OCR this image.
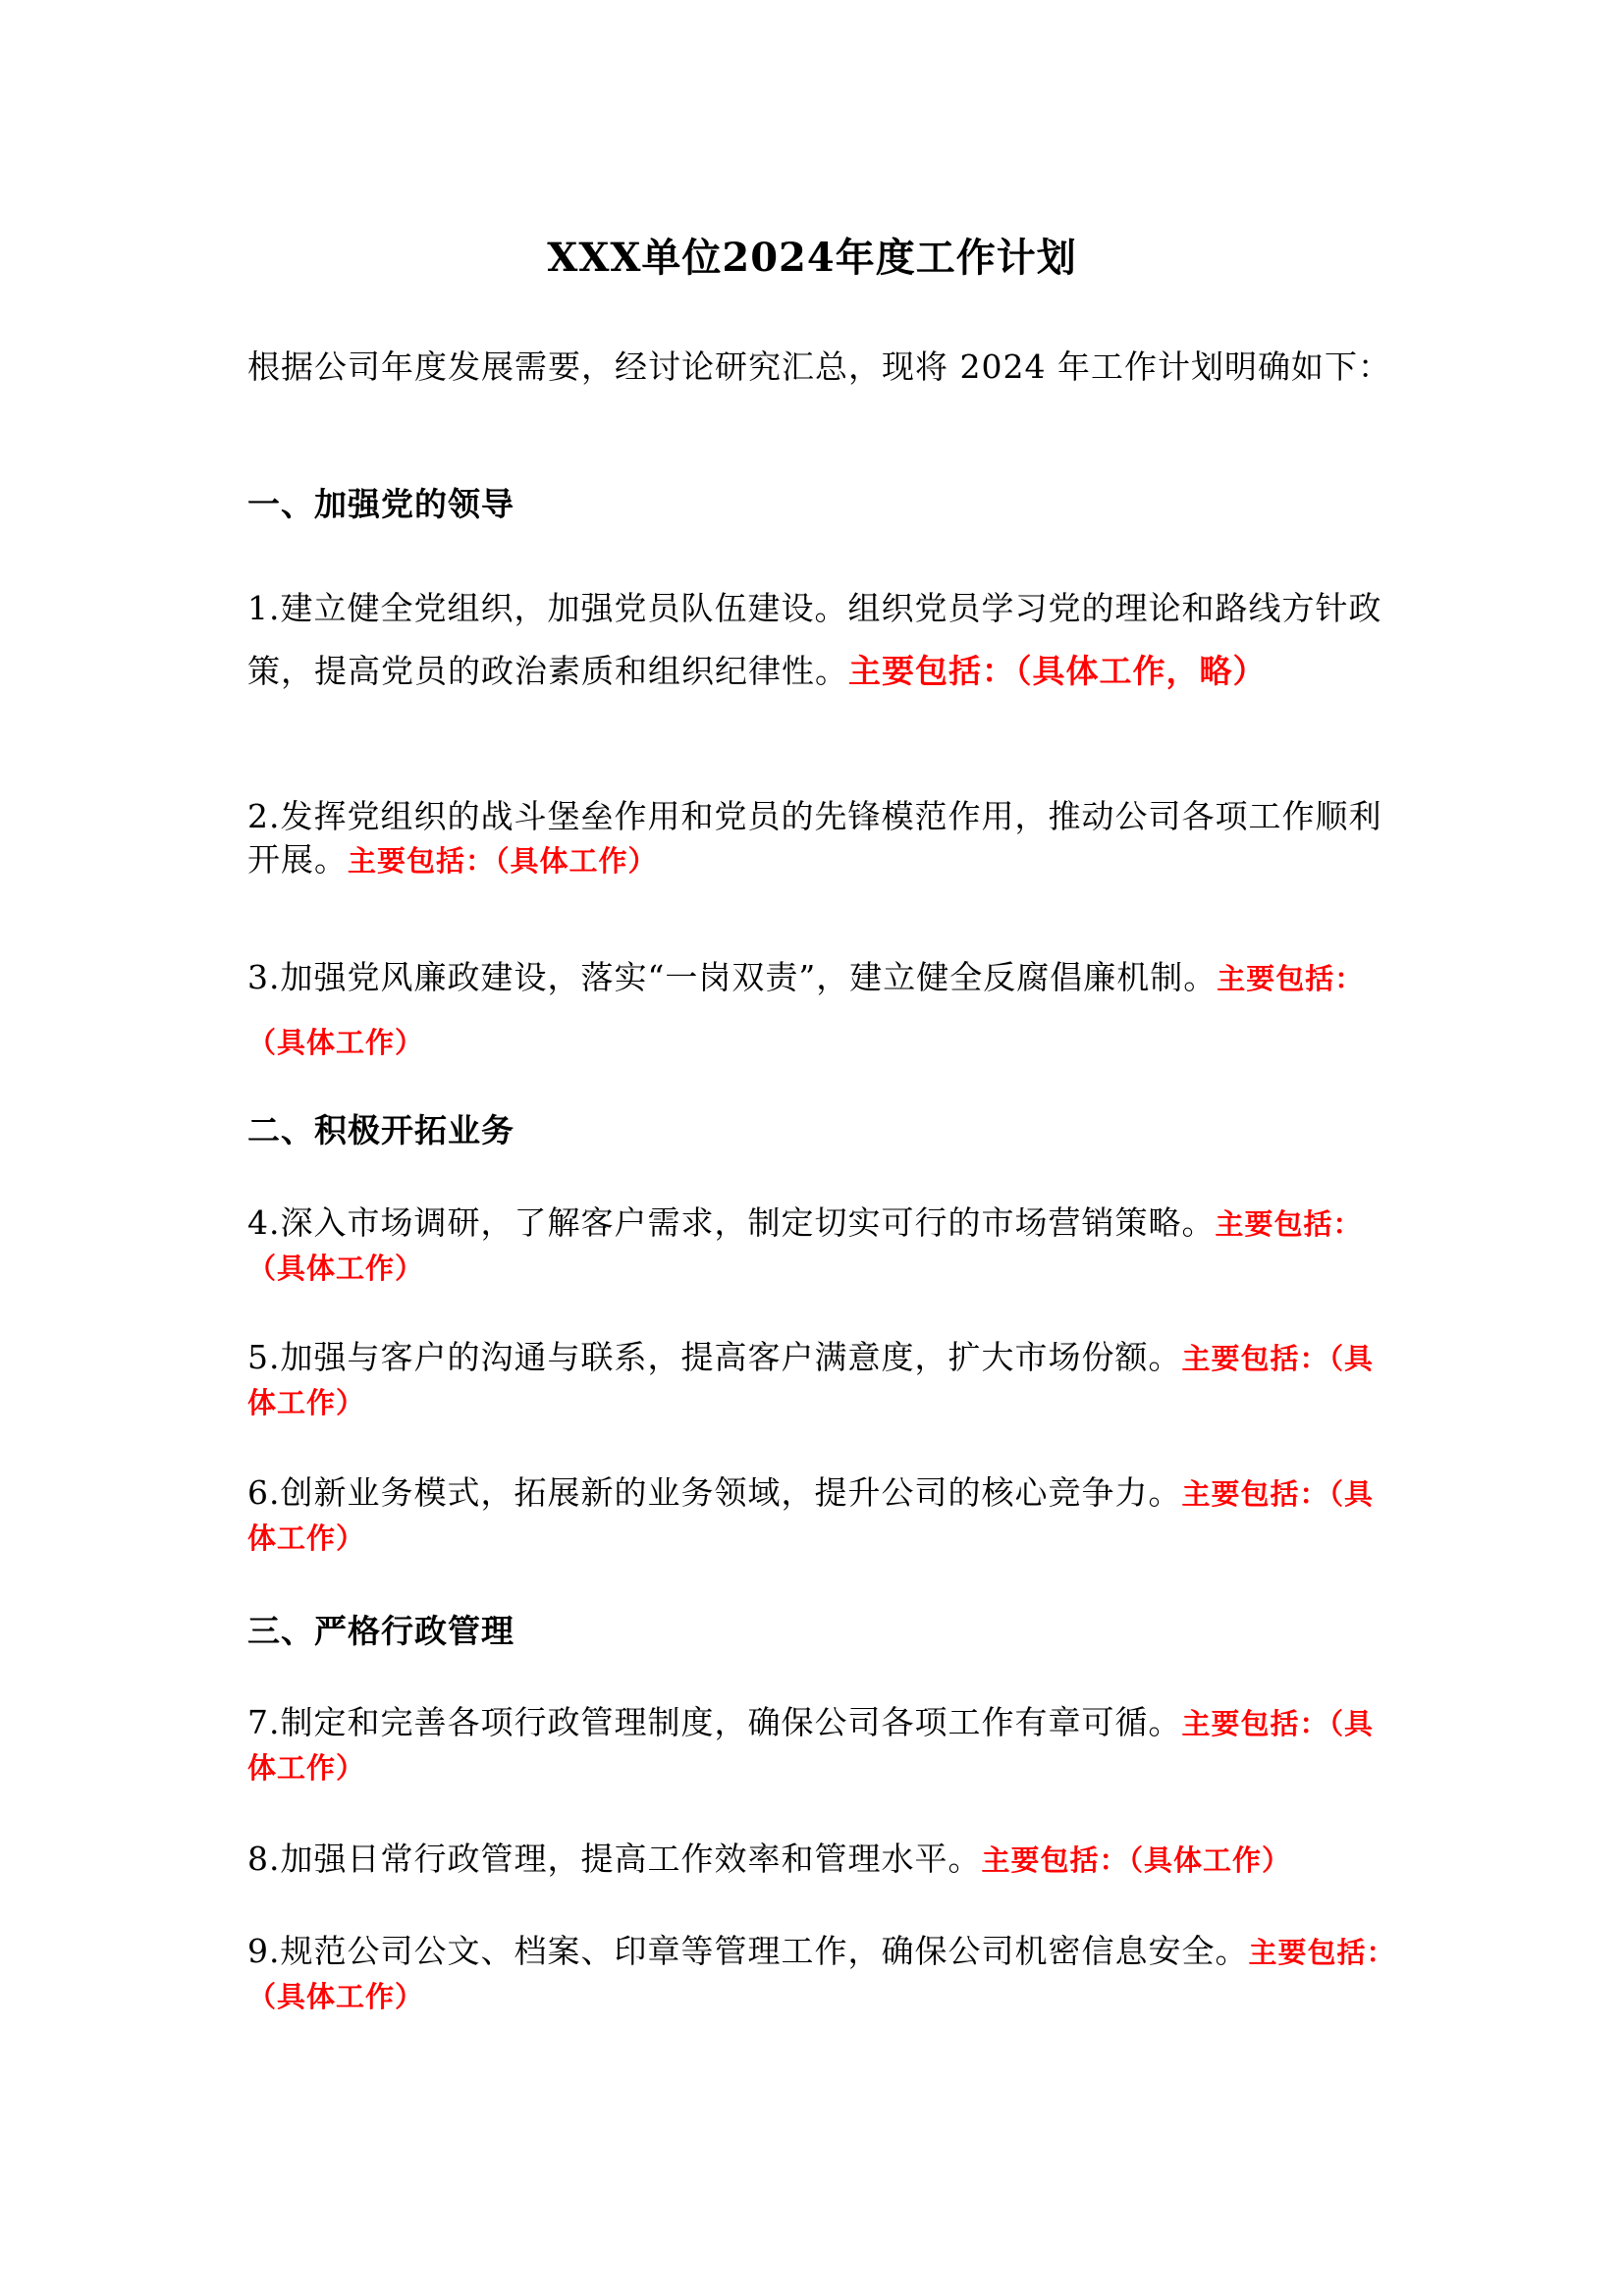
XXX单位2024年度工作计划
根据公司年度发展需要，经讨论研究汇总，现将 2024 年工作计划明确如下：
一、加强党的领导
1.建立健全党组织，加强党员队伍建设。组织党员学习党的理论和路线方针政策，提高党员的政治素质和组织纪律性。主要包括：（具体工作，略）
2.发挥党组织的战斗堡垒作用和党员的先锋模范作用，推动公司各项工作顺利开展。主要包括：（具体工作）
3.加强党风廉政建设，落实“一岗双责”，建立健全反腐倡廉机制。主要包括：（具体工作）
二、积极开拓业务
4.深入市场调研，了解客户需求，制定切实可行的市场营销策略。主要包括：（具体工作）
5.加强与客户的沟通与联系，提高客户满意度，扩大市场份额。主要包括：（具体工作）
6.创新业务模式，拓展新的业务领域，提升公司的核心竞争力。主要包括：（具体工作）
三、严格行政管理
7.制定和完善各项行政管理制度，确保公司各项工作有章可循。主要包括：（具体工作）
8.加强日常行政管理，提高工作效率和管理水平。主要包括：（具体工作）
9.规范公司公文、档案、印章等管理工作，确保公司机密信息安全。主要包括：（具体工作）
